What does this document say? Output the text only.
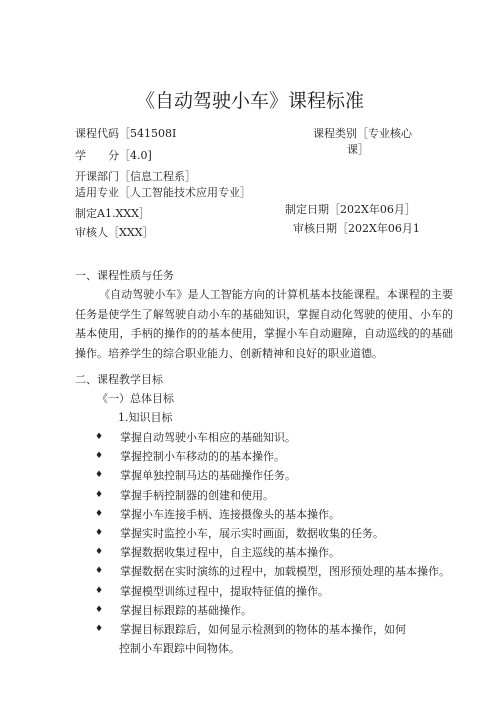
《自动驾驶小车》课程标准
课程代码［541508I	课程类别［专业核心
课］
学　　分［4.0]
开课部门［信息工程系］
适用专业［人工智能技术应用专业］
制定A1.XXX］	制定日期［202X年06月］
审核人［XXX］	审核日期［202X年06月1
一、课程性质与任务
《自动驾驶小车》是人工智能方向的计算机基本技能课程。本课程的主要任务是使学生了解驾驶自动小车的基础知识，掌握自动化驾驶的使用、小车的基本使用，手柄的操作的的基本使用，掌握小车自动避障，自动巡线的的基础操作。培养学生的综合职业能力、创新精神和良好的职业道德。
二、课程教学目标
《一）总体目标
1.知识目标
♦ 掌握自动驾驶小车相应的基础知识。
♦ 掌握控制小车移动的的基本操作。
♦ 掌握单独控制马达的基础操作任务。
♦ 掌握手柄控制器的创建和使用。
♦ 掌握小车连接手柄、连接摄像头的基本操作。
♦ 掌握实时监控小车，展示实时画面，数据收集的任务。
♦ 掌握数据收集过程中，自主巡线的基本操作。
♦ 掌握数据在实时演练的过程中，加载模型，图形预处理的基本操作。
♦ 掌握模型训练过程中，提取特征值的操作。
♦ 掌握目标跟踪的基础操作。
♦ 掌握目标跟踪后，如何显示检测到的物体的基本操作，如何
控制小车跟踪中间物体。
